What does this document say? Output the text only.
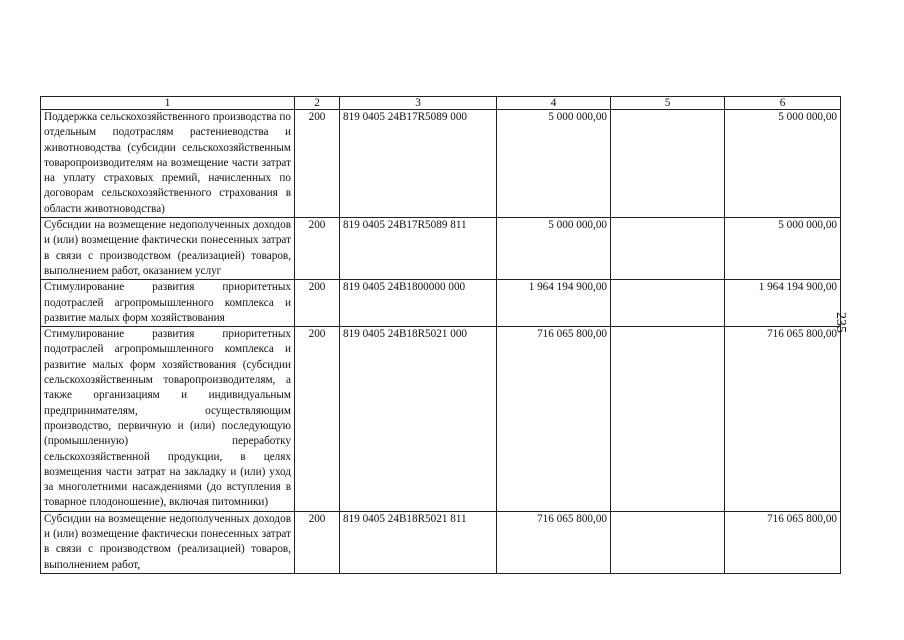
1	2	3	4	5	6
Поддержка сельскохозяйственного производства по отдельным подотраслям растениеводства и животноводства (субсидии сельскохозяйственным товаропроизводителям на возмещение части затрат на уплату страховых премий, начисленных по договорам сельскохозяйственного страхования в области животноводства)	200	819 0405 24B17R5089 000	5 000 000,00		5 000 000,00
Субсидии на возмещение недополученных доходов и (или) возмещение фактически понесенных затрат в связи с производством (реализацией) товаров, выполнением работ, оказанием услуг	200	819 0405 24B17R5089 811	5 000 000,00		5 000 000,00
Стимулирование развития приоритетных подотраслей агропромышленного комплекса и развитие малых форм хозяйствования	200	819 0405 24B1800000 000	1 964 194 900,00		1 964 194 900,00
Стимулирование развития приоритетных подотраслей агропромышленного комплекса и развитие малых форм хозяйствования (субсидии сельскохозяйственным товаропроизводителям, а также организациям и индивидуальным предпринимателям, осуществляющим производство, первичную и (или) последующую (промышленную) переработку сельскохозяйственной продукции, в целях возмещения части затрат на закладку и (или) уход за многолетними насаждениями (до вступления в товарное плодоношение), включая питомники)	200	819 0405 24B18R5021 000	716 065 800,00		716 065 800,00
Субсидии на возмещение недополученных доходов и (или) возмещение фактически понесенных затрат в связи с производством (реализацией) товаров, выполнением работ,	200	819 0405 24B18R5021 811	716 065 800,00		716 065 800,00
235
